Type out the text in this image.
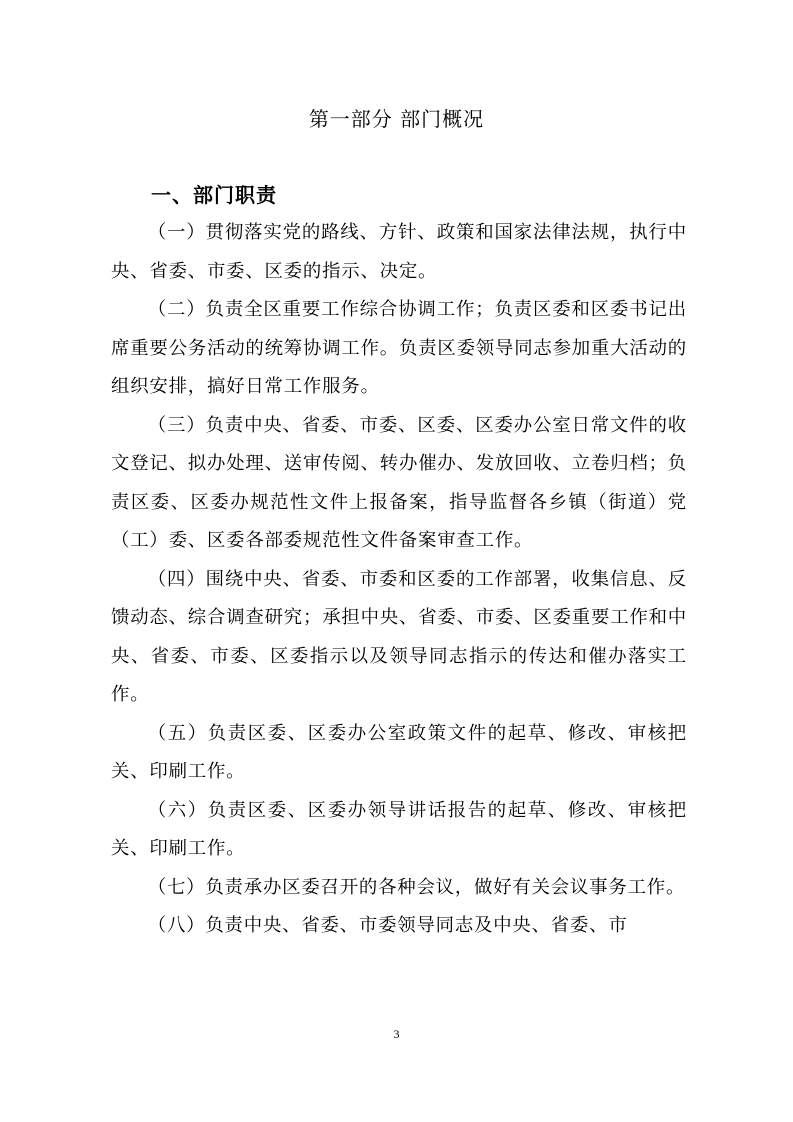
第一部分 部门概况
一、部门职责

（一）贯彻落实党的路线、方针、政策和国家法律法规，执行中央、省委、市委、区委的指示、决定。

（二）负责全区重要工作综合协调工作；负责区委和区委书记出席重要公务活动的统筹协调工作。负责区委领导同志参加重大活动的组织安排，搞好日常工作服务。

（三）负责中央、省委、市委、区委、区委办公室日常文件的收文登记、拟办处理、送审传阅、转办催办、发放回收、立卷归档；负责区委、区委办规范性文件上报备案，指导监督各乡镇（街道）党（工）委、区委各部委规范性文件备案审查工作。

（四）围绕中央、省委、市委和区委的工作部署，收集信息、反馈动态、综合调查研究；承担中央、省委、市委、区委重要工作和中央、省委、市委、区委指示以及领导同志指示的传达和催办落实工作。

（五）负责区委、区委办公室政策文件的起草、修改、审核把关、印刷工作。

（六）负责区委、区委办领导讲话报告的起草、修改、审核把关、印刷工作。

（七）负责承办区委召开的各种会议，做好有关会议事务工作。

（八）负责中央、省委、市委领导同志及中央、省委、市

3
